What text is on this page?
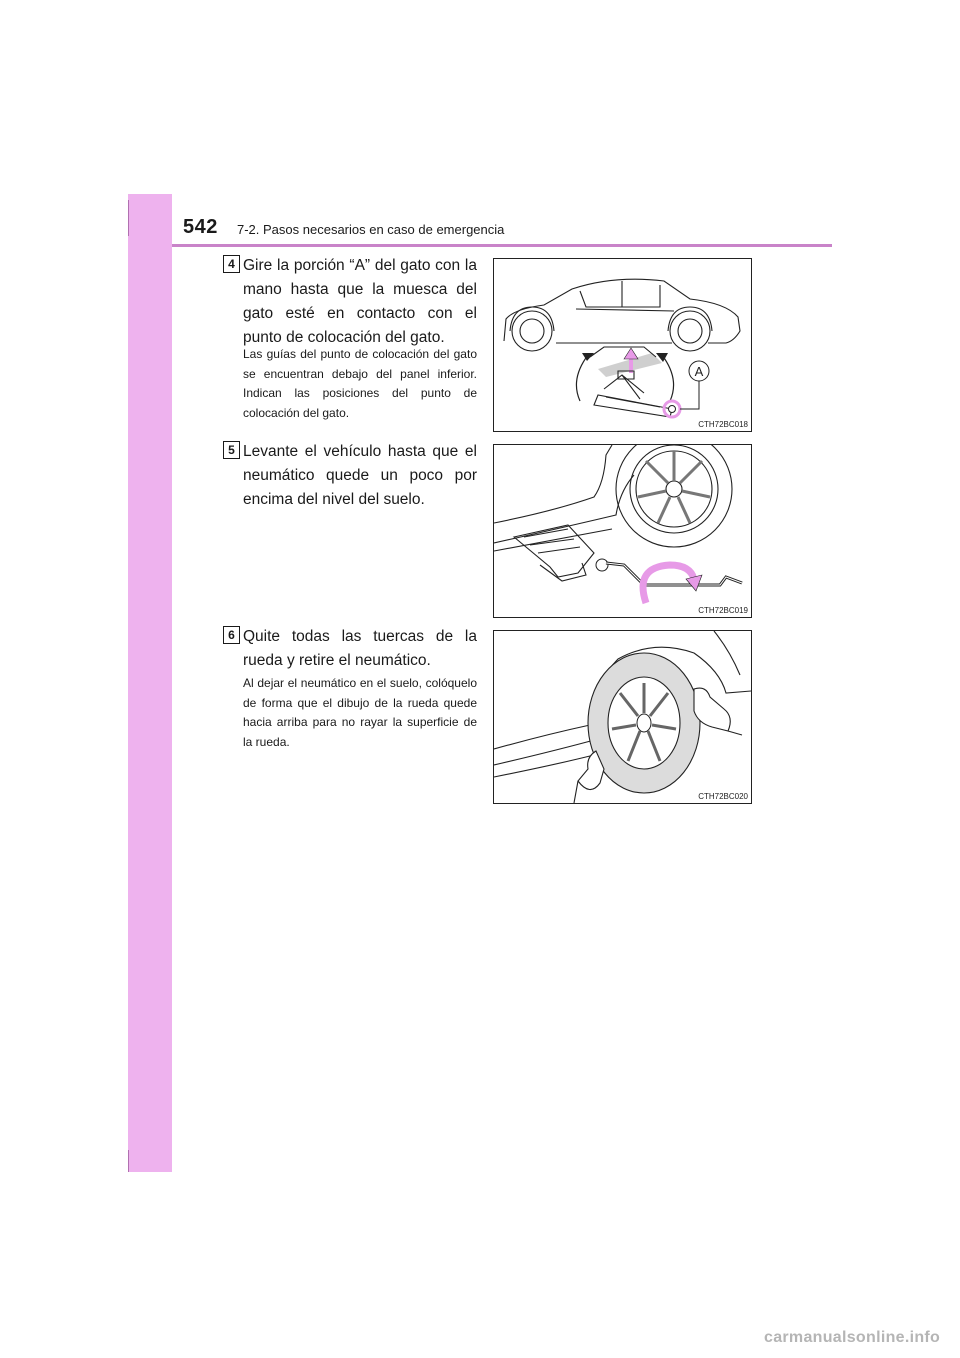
542 7-2. Pasos necesarios en caso de emergencia
4 Gire la porción “A” del gato con la mano hasta que la muesca del gato esté en contacto con el punto de colocación del gato.
Las guías del punto de colocación del gato se encuentran debajo del panel inferior. Indican las posiciones del punto de colocación del gato.
A
CTH72BC018
5 Levante el vehículo hasta que el neumático quede un poco por encima del nivel del suelo.
CTH72BC019
6 Quite todas las tuercas de la rueda y retire el neumático.
Al dejar el neumático en el suelo, colóquelo de forma que el dibujo de la rueda quede hacia arriba para no rayar la superficie de la rueda.
CTH72BC020
carmanualsonline.info
